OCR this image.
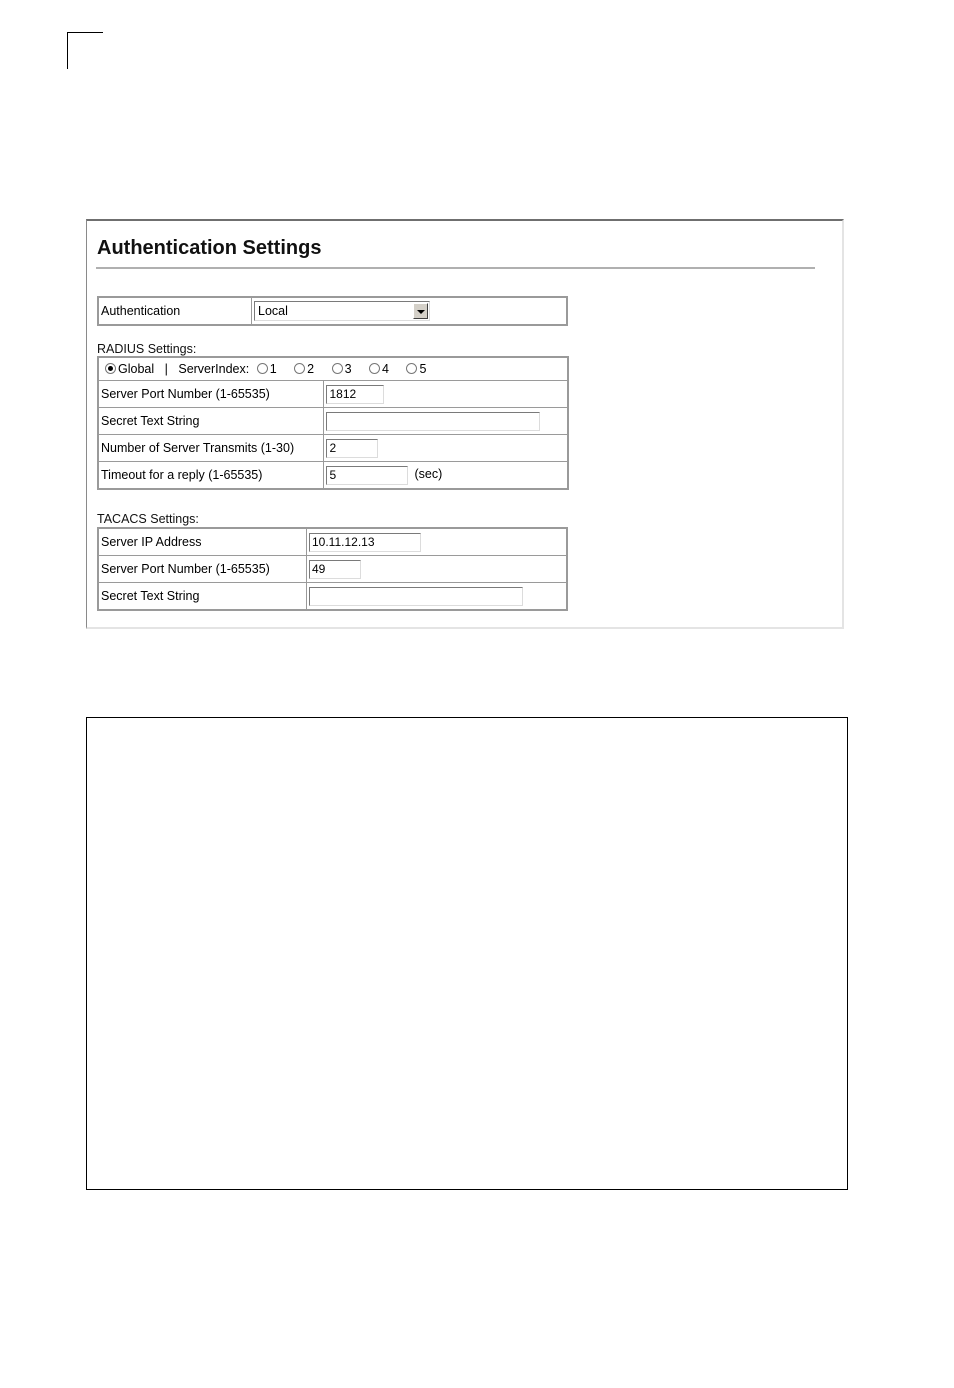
Authentication Settings
Authentication	Local
RADIUS Settings:
Global | ServerIndex: 1 2 3 4 5	
Server Port Number (1-65535)	1812
Secret Text String	
Number of Server Transmits (1-30)	2
Timeout for a reply (1-65535)	5 (sec)
TACACS Settings:
Server IP Address	10.11.12.13
Server Port Number (1-65535)	49
Secret Text String	
